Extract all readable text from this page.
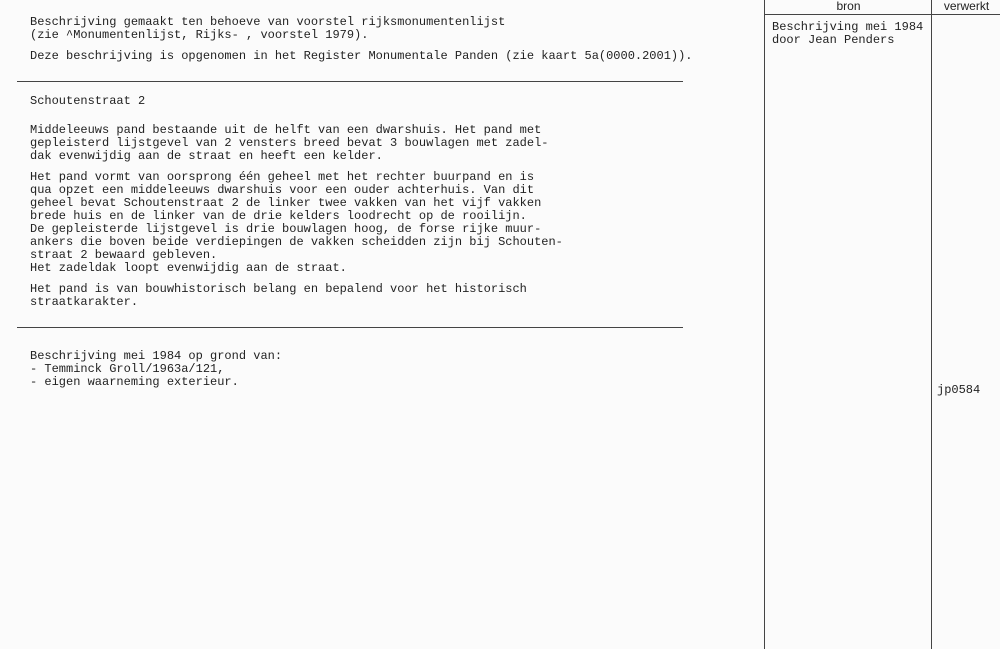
bron	verwerkt
Beschrijving gemaakt ten behoeve van voorstel rijksmonumentenlijst
(zie ^Monumentenlijst, Rijks- , voorstel 1979).
Deze beschrijving is opgenomen in het Register Monumentale Panden (zie kaart 5a(0000.2001)).
Schoutenstraat 2
Middeleeuws pand bestaande uit de helft van een dwarshuis. Het pand met
gepleisterd lijstgevel van 2 vensters breed bevat 3 bouwlagen met zadel-
dak evenwijdig aan de straat en heeft een kelder.
Het pand vormt van oorsprong één geheel met het rechter buurpand en is
qua opzet een middeleeuws dwarshuis voor een ouder achterhuis. Van dit
geheel bevat Schoutenstraat 2 de linker twee vakken van het vijf vakken
brede huis en de linker van de drie kelders loodrecht op de rooilijn.
De gepleisterde lijstgevel is drie bouwlagen hoog, de forse rijke muur-
ankers die boven beide verdiepingen de vakken scheidden zijn bij Schouten-
straat 2 bewaard gebleven.
Het zadeldak loopt evenwijdig aan de straat.
Het pand is van bouwhistorisch belang en bepalend voor het historisch
straatkarakter.
Beschrijving mei 1984 op grond van:
- Temminck Groll/1963a/121,
- eigen waarneming exterieur.
Beschrijving mei 1984
door Jean Penders
jp0584
